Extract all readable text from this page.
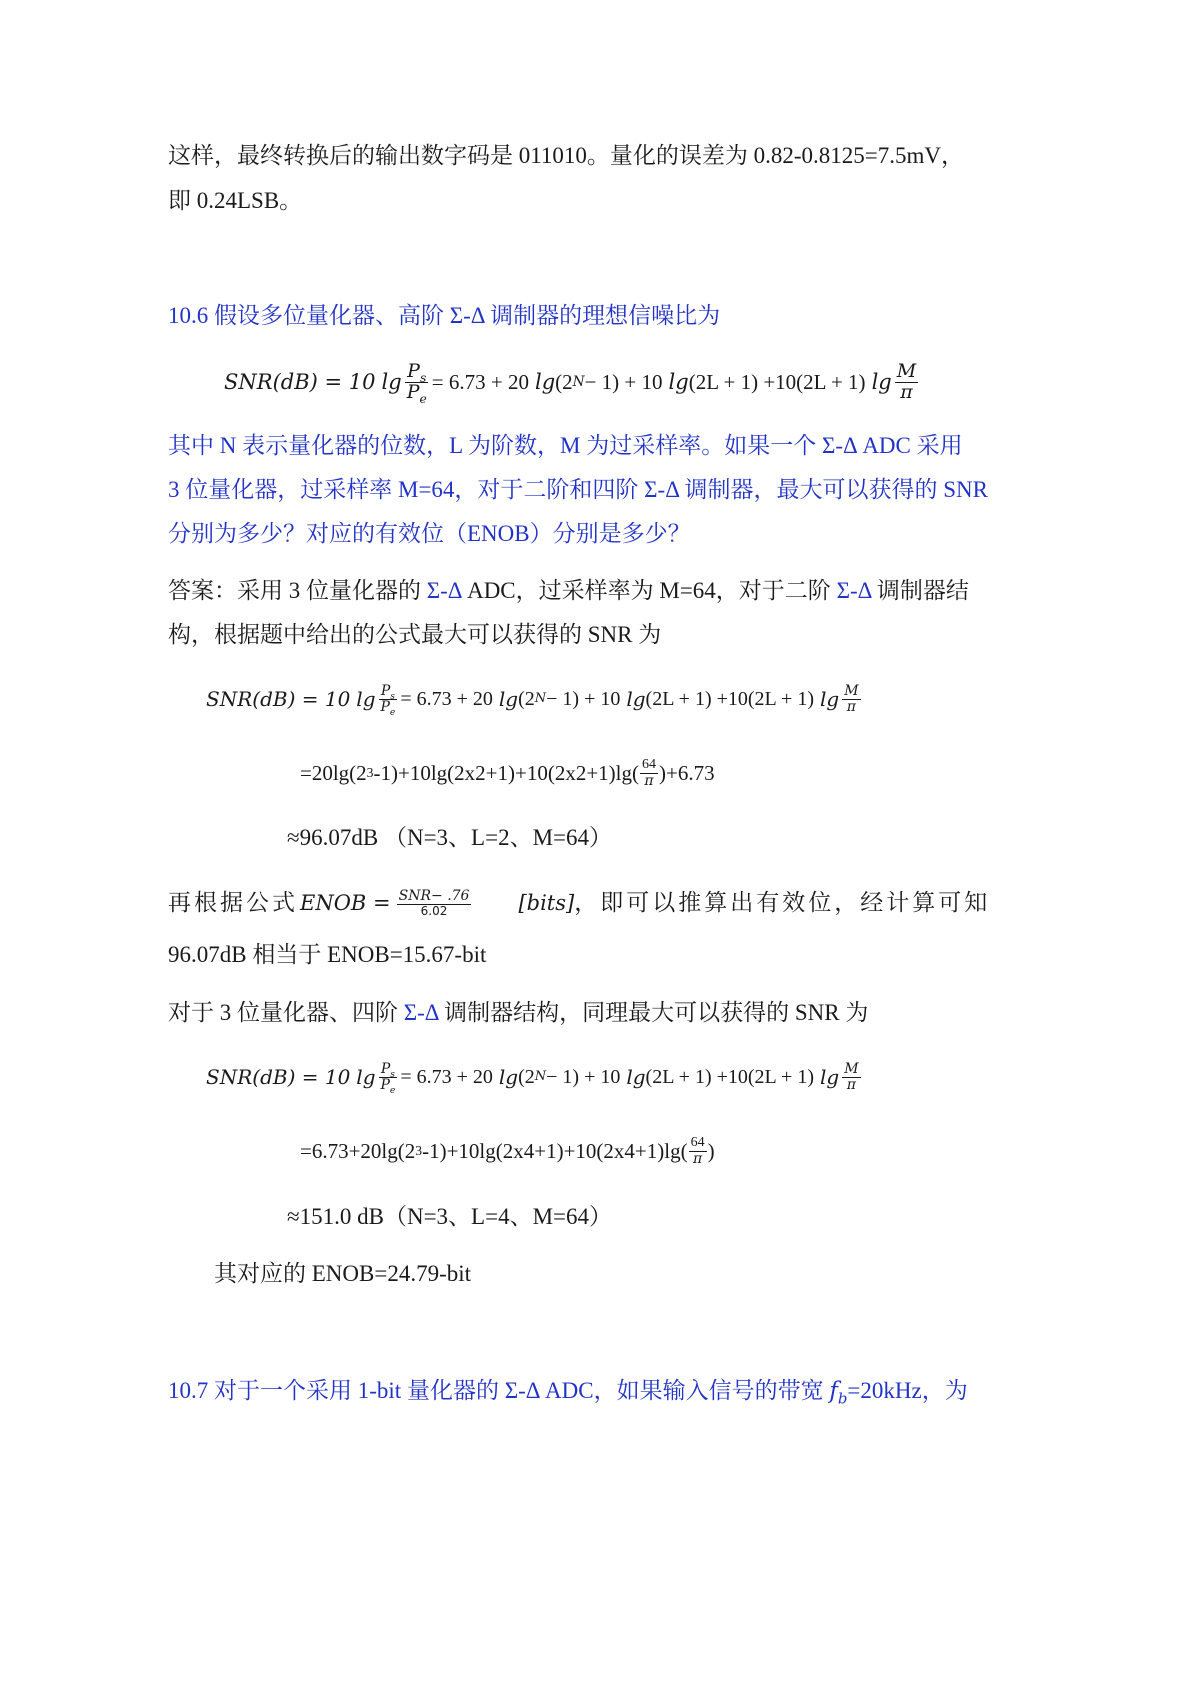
这样，最终转换后的输出数字码是 011010。量化的误差为 0.82-0.8125=7.5mV，
即 0.24LSB。
10.6 假设多位量化器、高阶 Σ-Δ 调制器的理想信噪比为
SNR(dB) = 10 $\lg \frac{P_s}{P_e} = 6.73 + 20$ lg (2 N − 1) + 10 lg (2L + 1) +10(2L + 1) $\lg \frac{M}{\pi}$
其中 N 表示量化器的位数，L 为阶数，M 为过采样率。如果一个 Σ-Δ ADC 采用
3 位量化器，过采样率 M=64，对于二阶和四阶 Σ-Δ 调制器，最大可以获得的 SNR
分别为多少？对应的有效位（ENOB）分别是多少？
答案：采用 3 位量化器的 Σ-Δ ADC，过采样率为 M=64，对于二阶 Σ-Δ 调制器结
构，根据题中给出的公式最大可以获得的 SNR 为
SNR(dB) = 10 $\lg \frac{P_s}{P_e} = 6.73 + 20$ lg (2 N − 1) + 10 lg (2L + 1) +10(2L + 1) $\lg \frac{M}{\pi}$
=20lg(2 3 $-1)+10\lg(2x2+1)+10(2x2+1)\lg( \frac{64}{\pi} )+6.73$
≈96.07dB （N=3、L=2、M=64）
再根据公式 ENOB = $\frac{\text{SNR− .76}}{6.02}$ [bits] ，即可以推算出有效位，经计算可知
96.07dB 相当于 ENOB=15.67-bit
对于 3 位量化器、四阶 Σ-Δ 调制器结构，同理最大可以获得的 SNR 为
SNR(dB) = 10 $\lg \frac{P_s}{P_e} = 6.73 + 20$ lg (2 N − 1) + 10 lg (2L + 1) +10(2L + 1) $\lg \frac{M}{\pi}$
=6.73+20lg(2 3 $-1)+10\lg(2x4+1)+10(2x4+1)\lg( \frac{64}{\pi}$ )
≈151.0 dB（N=3、L=4、M=64）
其对应的 ENOB=24.79-bit
10.7 对于一个采用 1-bit 量化器的 Σ-Δ ADC，如果输入信号的带宽 $f_b=20kHz$，为
